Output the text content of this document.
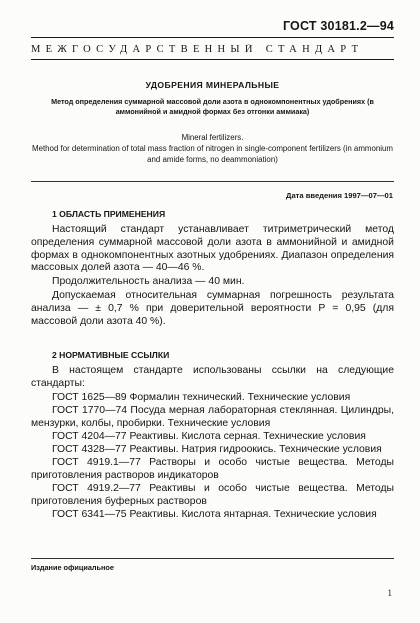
ГОСТ 30181.2—94
МЕЖГОСУДАРСТВЕННЫЙ СТАНДАРТ
УДОБРЕНИЯ МИНЕРАЛЬНЫЕ
Метод определения суммарной массовой доли азота в однокомпонентных удобрениях (в аммонийной и амидной формах без отгонки аммиака)
Mineral fertilizers.
Method for determination of total mass fraction of nitrogen in single-component fertilizers (in ammonium and amide forms, no deammoniation)
Дата введения 1997—07—01
1 ОБЛАСТЬ ПРИМЕНЕНИЯ

Настоящий стандарт устанавливает титриметрический метод определения суммарной массовой доли азота в аммонийной и амидной формах в однокомпонентных азотных удобрениях. Диапазон определения массовых долей азота — 40—46 %.

Продолжительность анализа — 40 мин.

Допускаемая относительная суммарная погрешность результата анализа — ± 0,7 % при доверительной вероятности P = 0,95 (для массовой доли азота 40 %).

2 НОРМАТИВНЫЕ ССЫЛКИ

В настоящем стандарте использованы ссылки на следующие стандарты:

ГОСТ 1625—89 Формалин технический. Технические условия
ГОСТ 1770—74 Посуда мерная лабораторная стеклянная. Цилиндры, мензурки, колбы, пробирки. Технические условия
ГОСТ 4204—77 Реактивы. Кислота серная. Технические условия
ГОСТ 4328—77 Реактивы. Натрия гидроокись. Технические условия
ГОСТ 4919.1—77 Растворы и особо чистые вещества. Методы приготовления растворов индикаторов
ГОСТ 4919.2—77 Реактивы и особо чистые вещества. Методы приготовления буферных растворов
ГОСТ 6341—75 Реактивы. Кислота янтарная. Технические условия
Издание официальное
1
